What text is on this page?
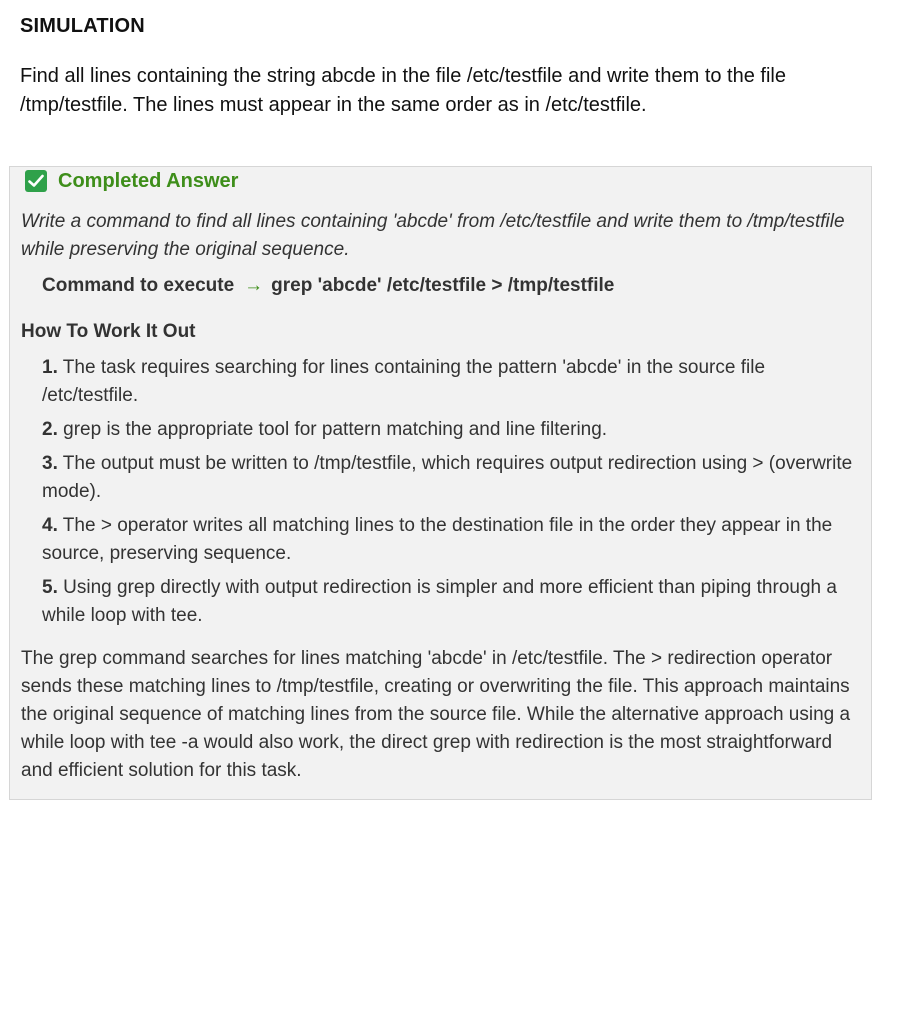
SIMULATION
Find all lines containing the string abcde in the file /etc/testfile and write them to the file /tmp/testfile. The lines must appear in the same order as in /etc/testfile.
Completed Answer
Write a command to find all lines containing 'abcde' from /etc/testfile and write them to /tmp/testfile while preserving the original sequence.
Command to execute → grep 'abcde' /etc/testfile > /tmp/testfile
How To Work It Out
1. The task requires searching for lines containing the pattern 'abcde' in the source file /etc/testfile.
2. grep is the appropriate tool for pattern matching and line filtering.
3. The output must be written to /tmp/testfile, which requires output redirection using > (overwrite mode).
4. The > operator writes all matching lines to the destination file in the order they appear in the source, preserving sequence.
5. Using grep directly with output redirection is simpler and more efficient than piping through a while loop with tee.
The grep command searches for lines matching 'abcde' in /etc/testfile. The > redirection operator sends these matching lines to /tmp/testfile, creating or overwriting the file. This approach maintains the original sequence of matching lines from the source file. While the alternative approach using a while loop with tee -a would also work, the direct grep with redirection is the most straightforward and efficient solution for this task.
